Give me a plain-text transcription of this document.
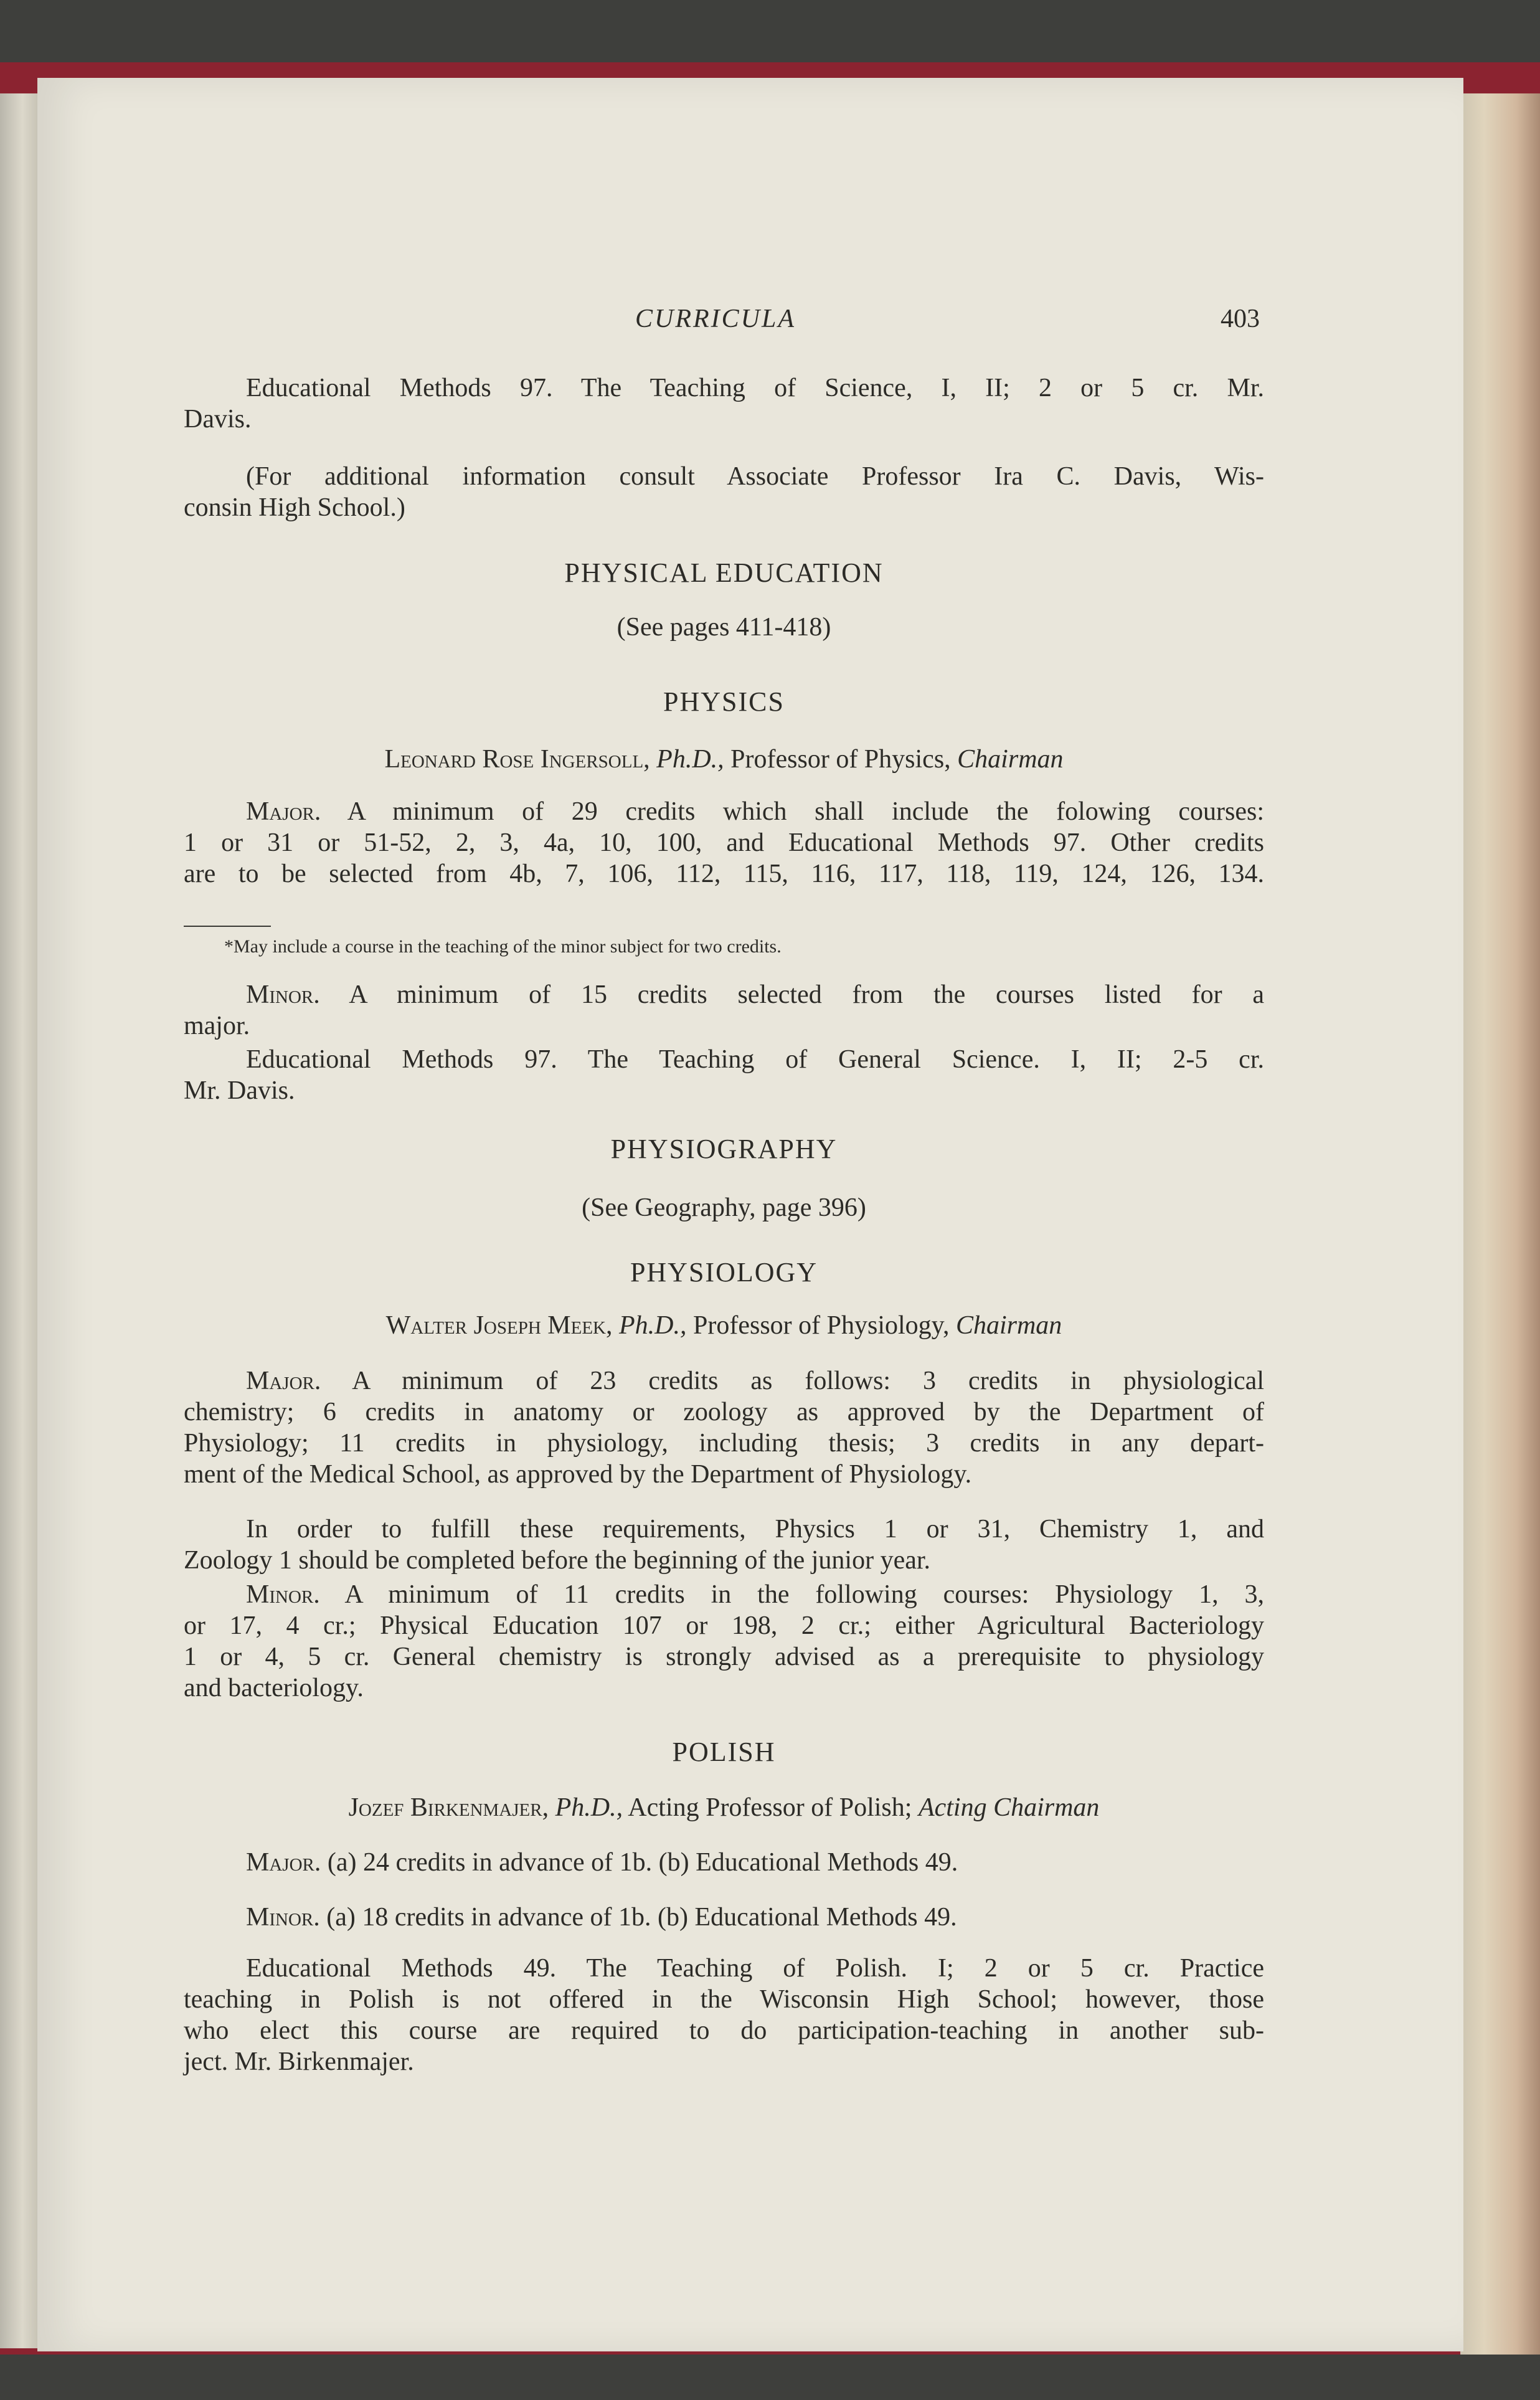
CURRICULA	403
Educational Methods 97. The Teaching of Science, I, II; 2 or 5 cr. Mr.
Davis.
(For additional information consult Associate Professor Ira C. Davis, Wis-
consin High School.)
PHYSICAL EDUCATION
(See pages 411-418)
PHYSICS
Leonard Rose Ingersoll, Ph.D., Professor of Physics, Chairman
Major. A minimum of 29 credits which shall include the folowing courses:
1 or 31 or 51-52, 2, 3, 4a, 10, 100, and Educational Methods 97. Other credits
are to be selected from 4b, 7, 106, 112, 115, 116, 117, 118, 119, 124, 126, 134.
*May include a course in the teaching of the minor subject for two credits.
Minor. A minimum of 15 credits selected from the courses listed for a
major.
Educational Methods 97. The Teaching of General Science. I, II; 2-5 cr.
Mr. Davis.
PHYSIOGRAPHY
(See Geography, page 396)
PHYSIOLOGY
Walter Joseph Meek, Ph.D., Professor of Physiology, Chairman
Major. A minimum of 23 credits as follows: 3 credits in physiological
chemistry; 6 credits in anatomy or zoology as approved by the Department of
Physiology; 11 credits in physiology, including thesis; 3 credits in any depart-
ment of the Medical School, as approved by the Department of Physiology.
In order to fulfill these requirements, Physics 1 or 31, Chemistry 1, and
Zoology 1 should be completed before the beginning of the junior year.
Minor. A minimum of 11 credits in the following courses: Physiology 1, 3,
or 17, 4 cr.; Physical Education 107 or 198, 2 cr.; either Agricultural Bacteriology
1 or 4, 5 cr. General chemistry is strongly advised as a prerequisite to physiology
and bacteriology.
POLISH
Jozef Birkenmajer, Ph.D., Acting Professor of Polish; Acting Chairman
Major. (a) 24 credits in advance of 1b. (b) Educational Methods 49.
Minor. (a) 18 credits in advance of 1b. (b) Educational Methods 49.
Educational Methods 49. The Teaching of Polish. I; 2 or 5 cr. Practice
teaching in Polish is not offered in the Wisconsin High School; however, those
who elect this course are required to do participation-teaching in another sub-
ject. Mr. Birkenmajer.
